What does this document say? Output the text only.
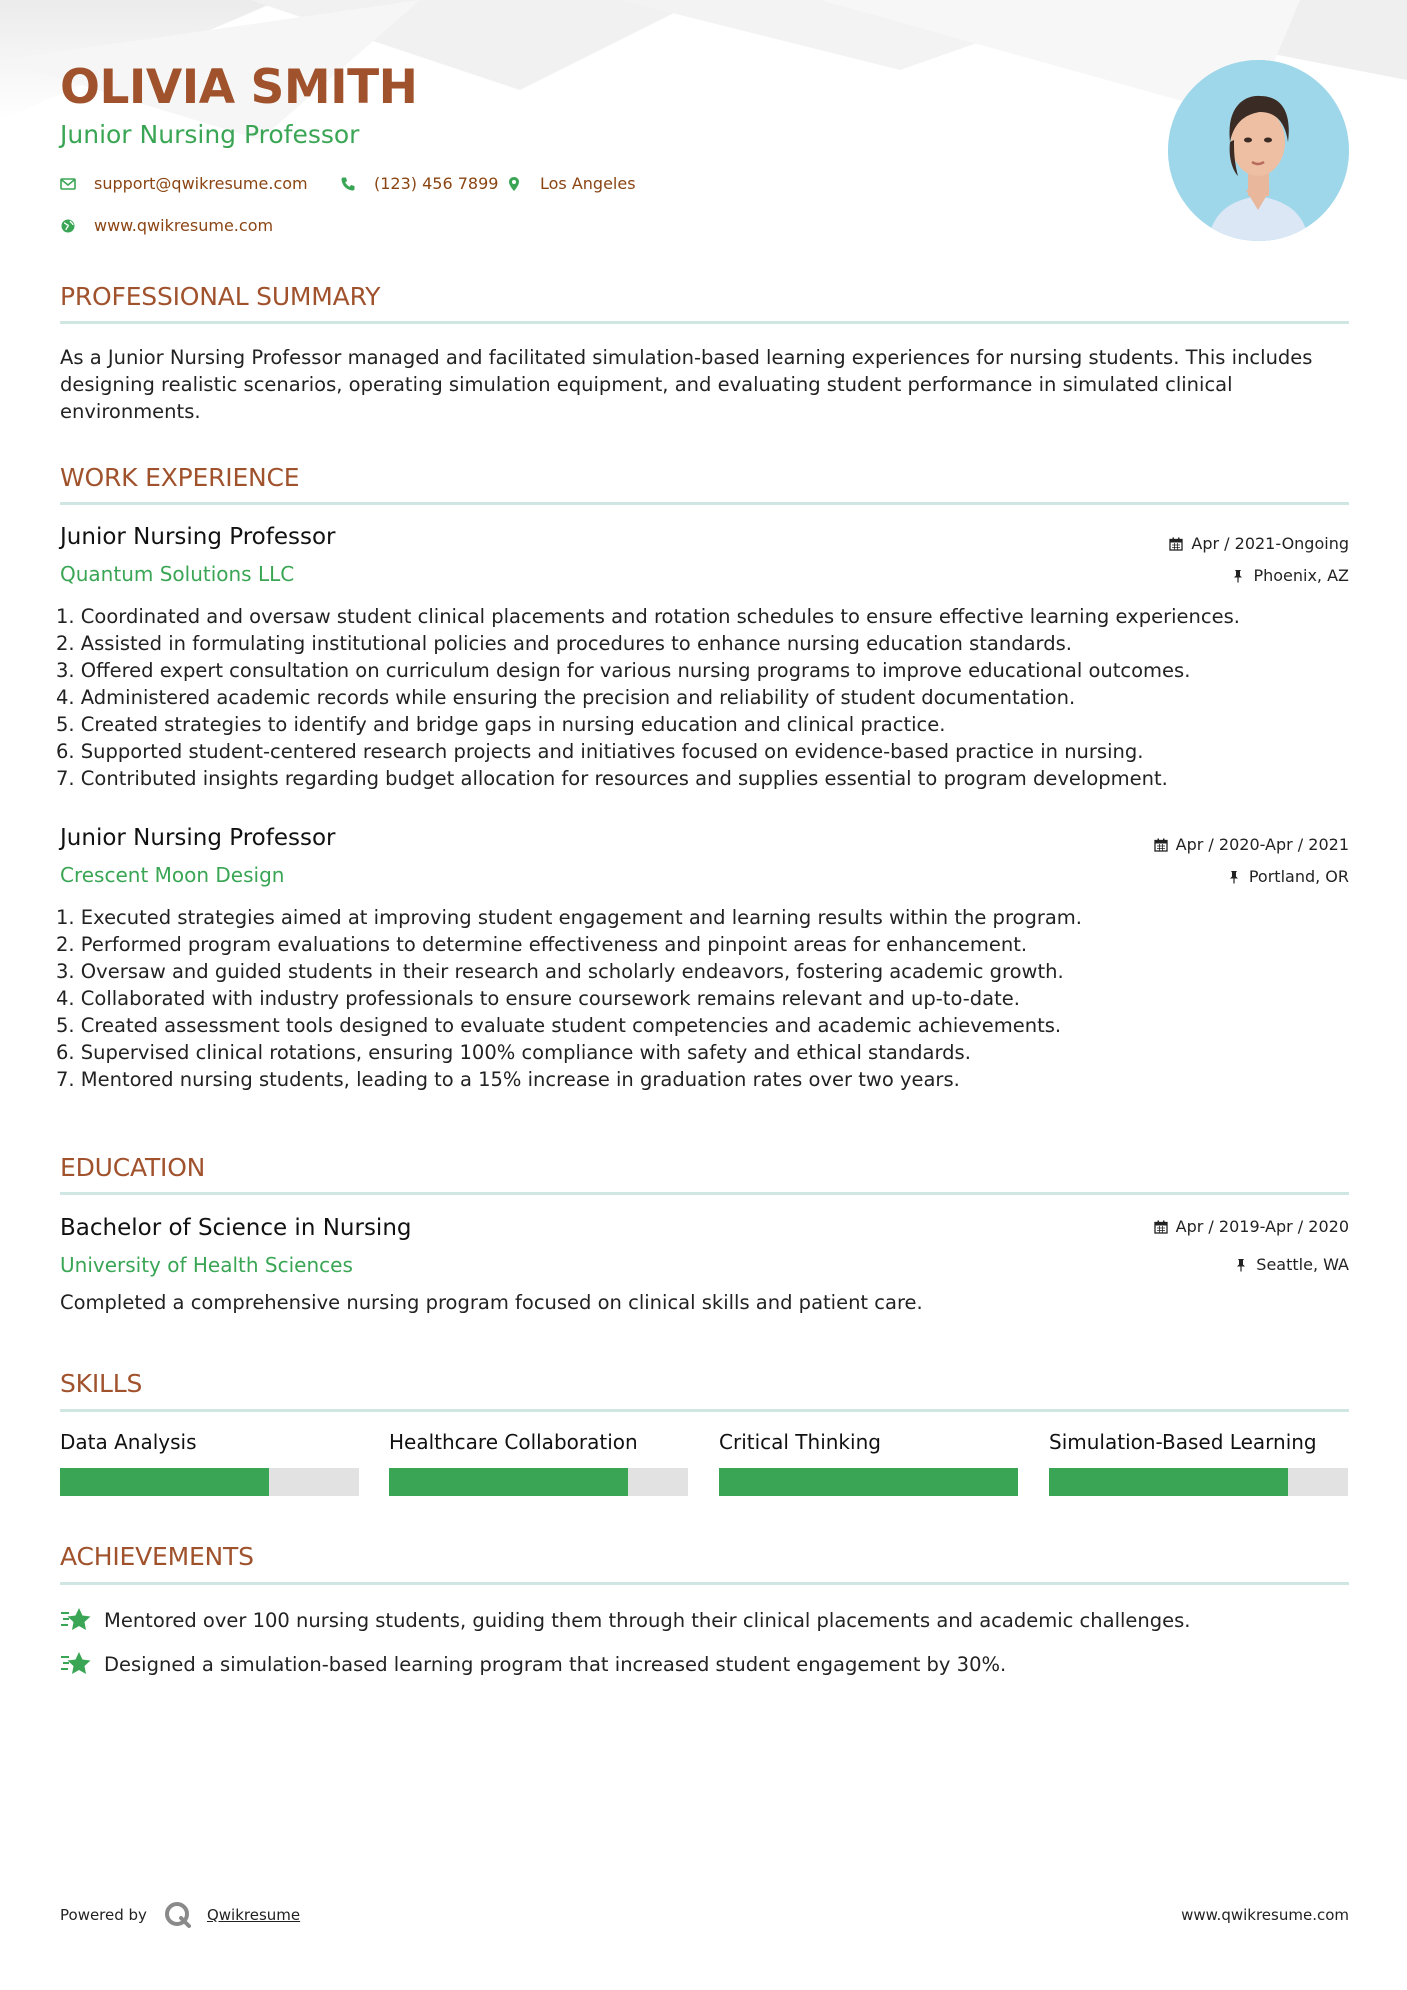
OLIVIA SMITH
Junior Nursing Professor
support@qwikresume.com	(123) 456 7899	Los Angeles
www.qwikresume.com
PROFESSIONAL SUMMARY
As a Junior Nursing Professor managed and facilitated simulation-based learning experiences for nursing students. This includes designing realistic scenarios, operating simulation equipment, and evaluating student performance in simulated clinical environments.
WORK EXPERIENCE
Junior Nursing Professor
Quantum Solutions LLC
Apr / 2021-Ongoing
Phoenix, AZ
1. Coordinated and oversaw student clinical placements and rotation schedules to ensure effective learning experiences.
2. Assisted in formulating institutional policies and procedures to enhance nursing education standards.
3. Offered expert consultation on curriculum design for various nursing programs to improve educational outcomes.
4. Administered academic records while ensuring the precision and reliability of student documentation.
5. Created strategies to identify and bridge gaps in nursing education and clinical practice.
6. Supported student-centered research projects and initiatives focused on evidence-based practice in nursing.
7. Contributed insights regarding budget allocation for resources and supplies essential to program development.
Junior Nursing Professor
Crescent Moon Design
Apr / 2020-Apr / 2021
Portland, OR
1. Executed strategies aimed at improving student engagement and learning results within the program.
2. Performed program evaluations to determine effectiveness and pinpoint areas for enhancement.
3. Oversaw and guided students in their research and scholarly endeavors, fostering academic growth.
4. Collaborated with industry professionals to ensure coursework remains relevant and up-to-date.
5. Created assessment tools designed to evaluate student competencies and academic achievements.
6. Supervised clinical rotations, ensuring 100% compliance with safety and ethical standards.
7. Mentored nursing students, leading to a 15% increase in graduation rates over two years.
EDUCATION
Bachelor of Science in Nursing
University of Health Sciences
Apr / 2019-Apr / 2020
Seattle, WA
Completed a comprehensive nursing program focused on clinical skills and patient care.
SKILLS
Data Analysis	Healthcare Collaboration	Critical Thinking	Simulation-Based Learning
ACHIEVEMENTS
Mentored over 100 nursing students, guiding them through their clinical placements and academic challenges.
Designed a simulation-based learning program that increased student engagement by 30%.
Powered by	Qwikresume	www.qwikresume.com
